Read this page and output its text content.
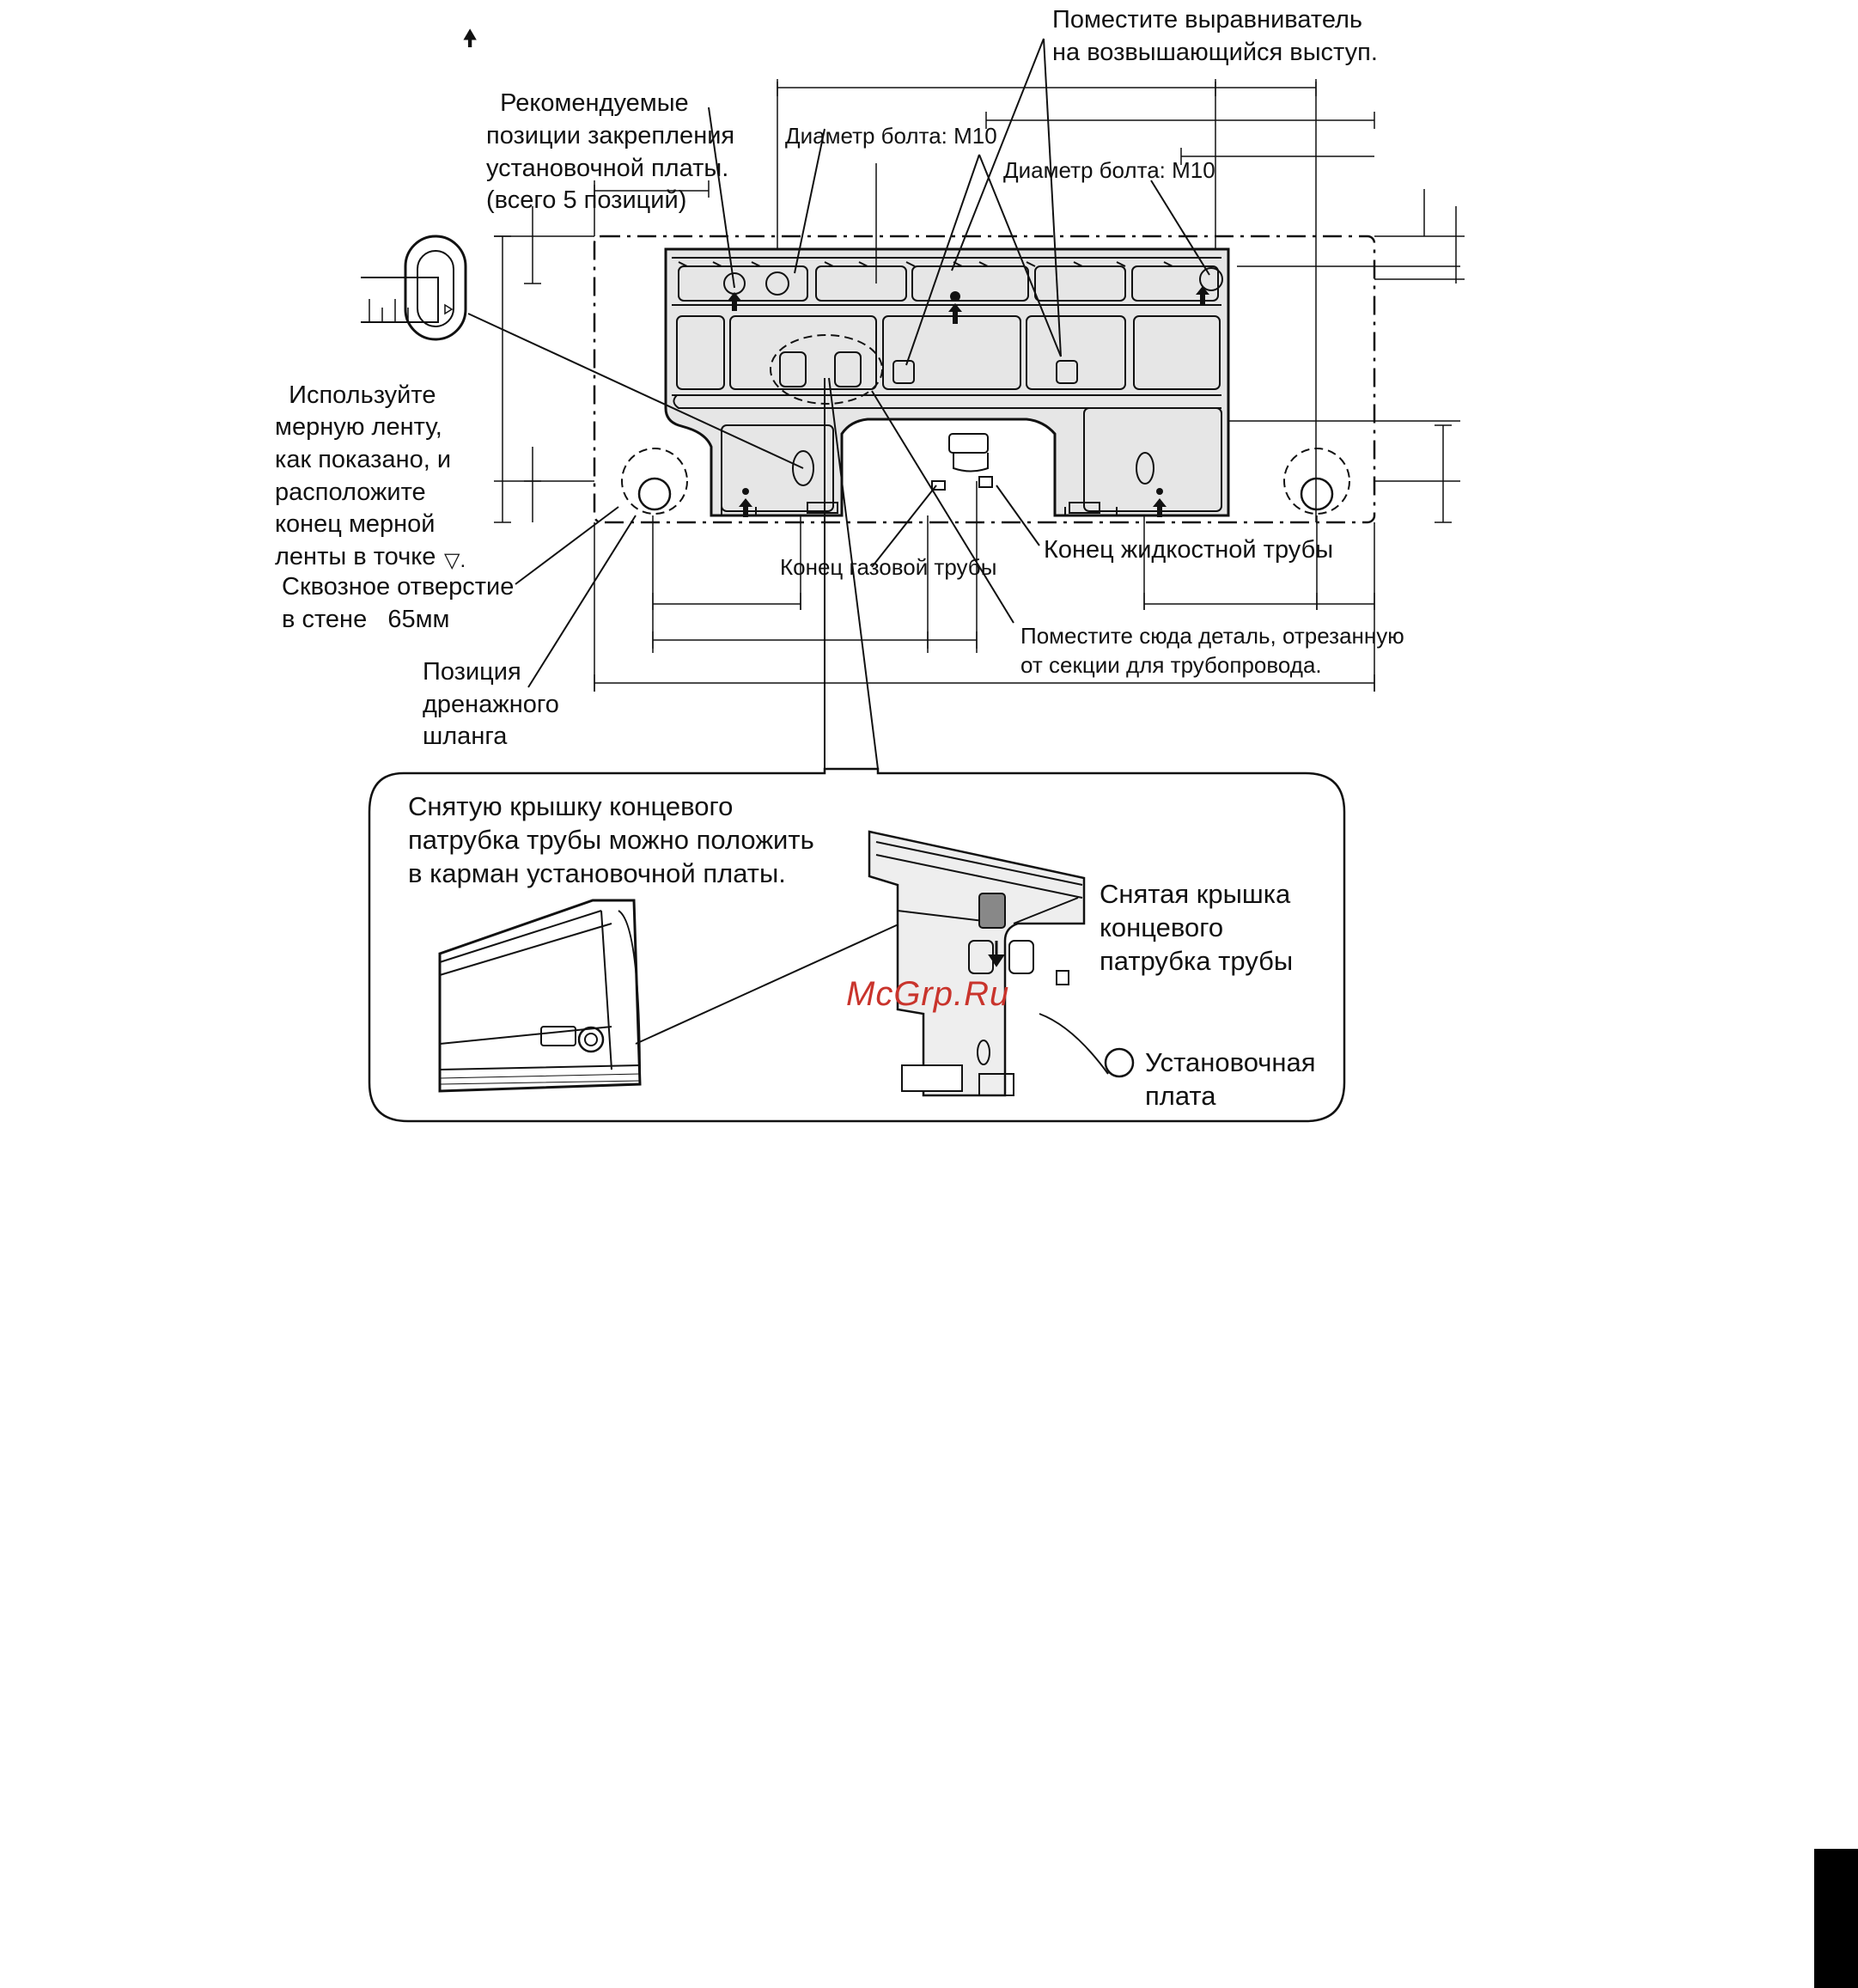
🠝

Рекомендуемые
позиции закрепления
установочной платы.
(всего 5 позиций)

Поместите выравниватель
на возвышающийся выступ.
Диаметр болта: M10
Диаметр болта: M10

Используйте
мерную ленту,
как показано, и
расположите
конец мерной
ленты в точке ▽.

Сквозное отверстие
в стене   65мм
Позиция
дренажного
шланга
Конец газовой трубы
Конец жидкостной трубы
Поместите сюда деталь, отрезанную
от секции для трубопровода.
Снятую крышку концевого
патрубка трубы можно положить
в карман установочной платы.
Снятая крышка
концевого
патрубка трубы
Установочная
плата
McGrp.Ru
